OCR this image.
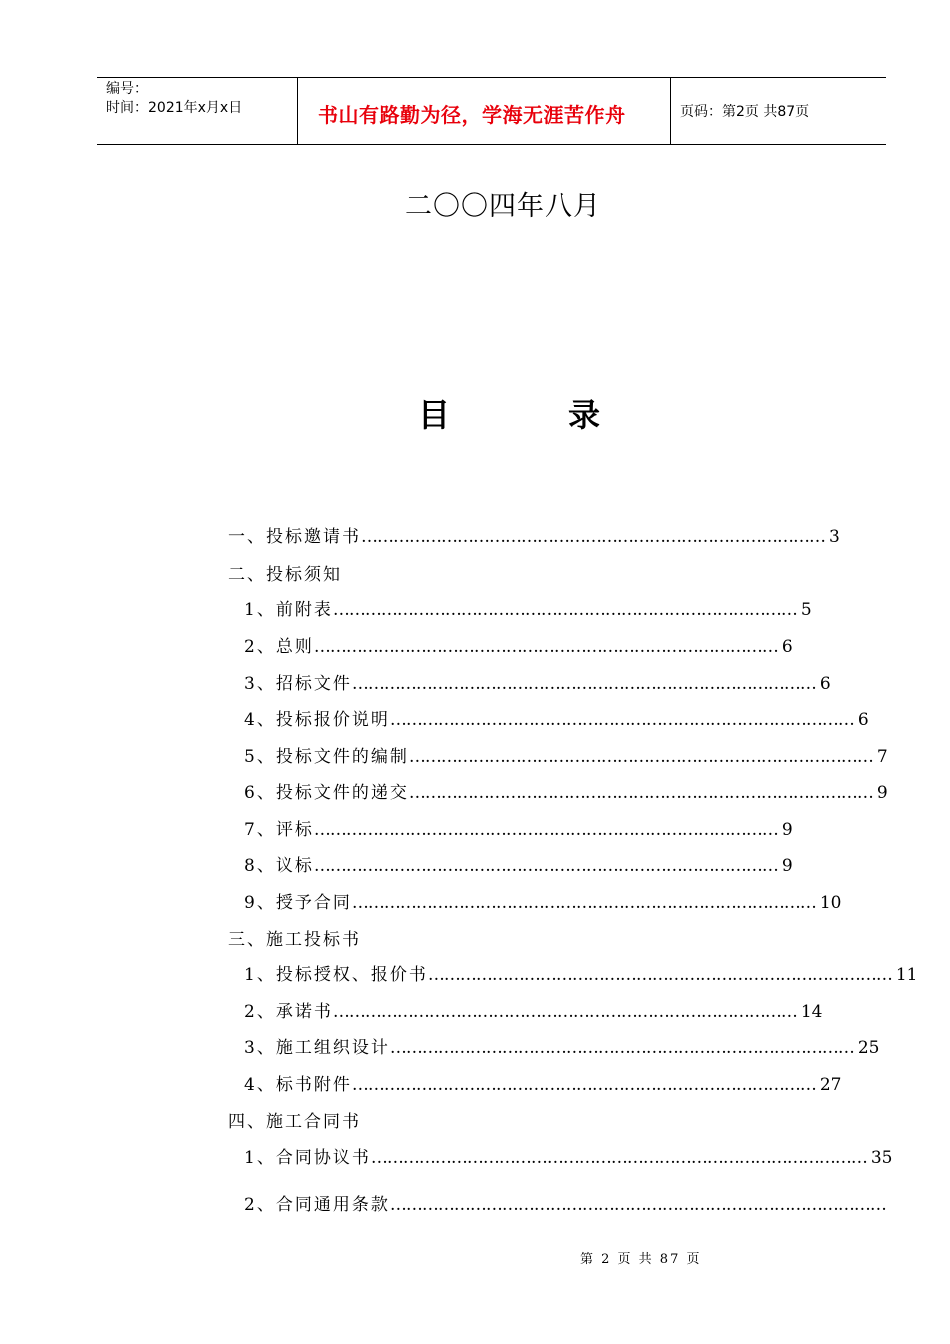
编号：
时间：2021年x月x日	书山有路勤为径，学海无涯苦作舟	页码：第2页 共87页
二〇〇四年八月
目	录
一、投标邀请书 …………………………………………………………………………… 3
二、投标须知
1、前附表 …………………………………………………………………………… 5
2、总则 …………………………………………………………………………… 6
3、招标文件 …………………………………………………………………………… 6
4、投标报价说明 …………………………………………………………………………… 6
5、投标文件的编制 …………………………………………………………………………… 7
6、投标文件的递交 …………………………………………………………………………… 9
7、评标 …………………………………………………………………………… 9
8、议标 …………………………………………………………………………… 9
9、授予合同 …………………………………………………………………………… 10
三、施工投标书
1、投标授权、报价书 …………………………………………………………………………… 11
2、承诺书 …………………………………………………………………………… 14
3、施工组织设计 …………………………………………………………………………… 25
4、标书附件 …………………………………………………………………………… 27
四、施工合同书
1、合同协议书 ………………………………………………………………………………… 35
2、合同通用条款 …………………………………………………………………………………
第 2 页 共 87 页
